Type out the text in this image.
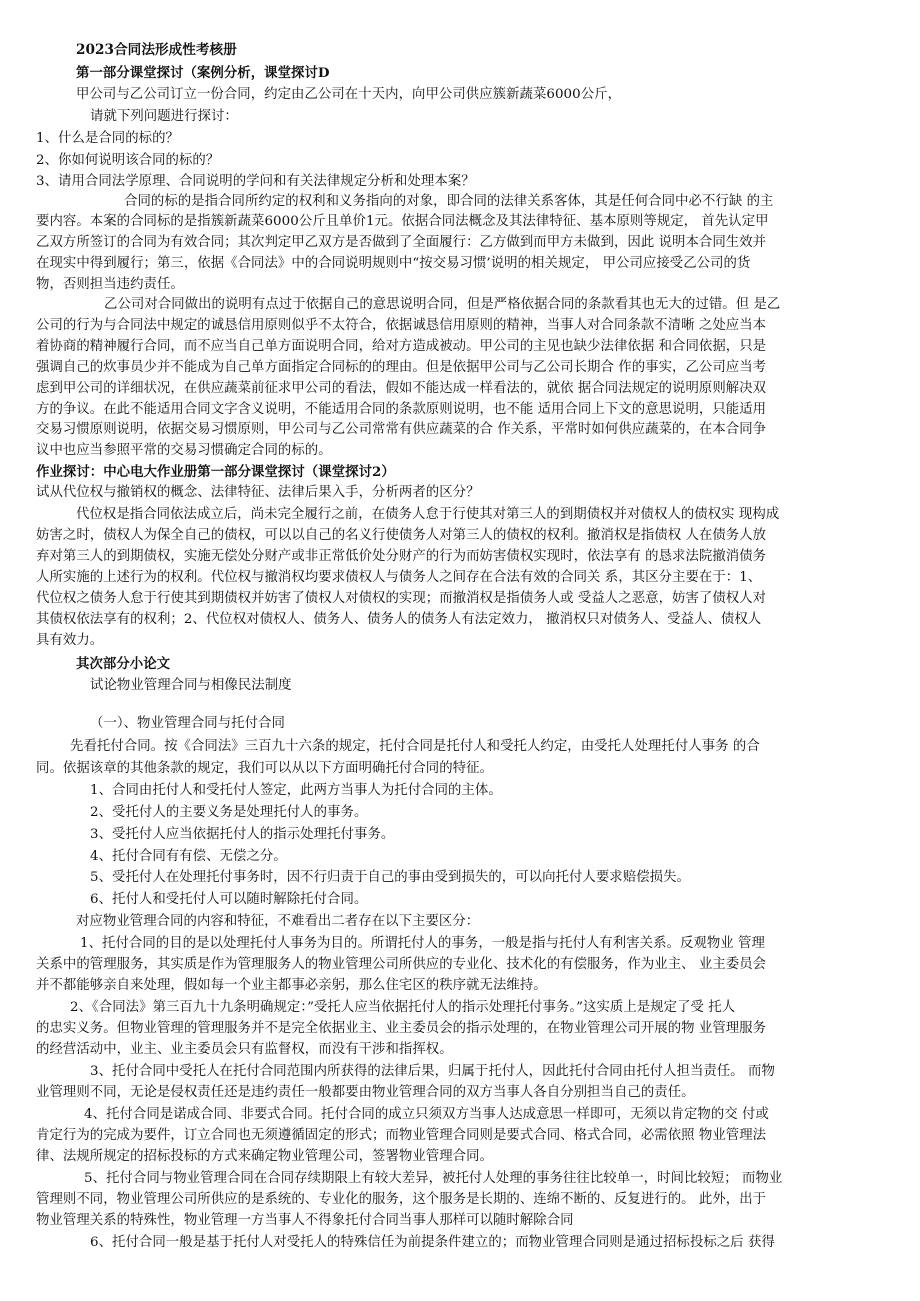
2023合同法形成性考核册
第一部分课堂探讨（案例分析，课堂探讨D
甲公司与乙公司订立一份合同，约定由乙公司在十天内，向甲公司供应簇新蔬菜6000公斤，
请就下列问题进行探讨：
1、什么是合同的标的？
2、你如何说明该合同的标的？
3、请用合同法学原理、合同说明的学问和有关法律规定分析和处理本案？
合同的标的是指合同所约定的权利和义务指向的对象，即合同的法律关系客体，其是任何合同中必不行缺 的主
要内容。本案的合同标的是指簇新蔬菜6000公斤且单价1元。依据合同法概念及其法律特征、基本原则等规定， 首先认定甲
乙双方所签订的合同为有效合同；其次判定甲乙双方是否做到了全面履行：乙方做到而甲方未做到，因此 说明本合同生效并
在现实中得到履行；第三，依据《合同法》中的合同说明规则中“按交易习惯’说明的相关规定， 甲公司应接受乙公司的货
物，否则担当违约责任。
乙公司对合同做出的说明有点过于依据自己的意思说明合同，但是严格依据合同的条款看其也无大的过错。但 是乙
公司的行为与合同法中规定的诚恳信用原则似乎不太符合，依据诚恳信用原则的精神，当事人对合同条款不清晰 之处应当本
着协商的精神履行合同，而不应当自己单方面说明合同，给对方造成被动。甲公司的主见也缺少法律依据 和合同依据，只是
强调自己的炊事员少并不能成为自己单方面指定合同标的的理由。但是依据甲公司与乙公司长期合 作的事实，乙公司应当考
虑到甲公司的详细状况，在供应蔬菜前征求甲公司的看法，假如不能达成一样看法的，就依 据合同法规定的说明原则解决双
方的争议。在此不能适用合同文字含义说明，不能适用合同的条款原则说明，也不能 适用合同上下文的意思说明，只能适用
交易习惯原则说明，依据交易习惯原则，甲公司与乙公司常常有供应蔬菜的合 作关系，平常时如何供应蔬菜的，在本合同争
议中也应当参照平常的交易习惯确定合同的标的。
作业探讨：中心电大作业册第一部分课堂探讨（课堂探讨2）
试从代位权与撤销权的概念、法律特征、法律后果入手，分析两者的区分？
代位权是指合同依法成立后，尚未完全履行之前，在债务人怠于行使其对第三人的到期债权并对债权人的债权实 现构成
妨害之时，债权人为保全自己的债权，可以以自己的名义行使债务人对第三人的债权的权利。撤消权是指债权 人在债务人放
弃对第三人的到期债权，实施无偿处分财产或非正常低价处分财产的行为而妨害债权实现时，依法享有 的恳求法院撤消债务
人所实施的上述行为的权利。代位权与撤消权均要求债权人与债务人之间存在合法有效的合同关 系，其区分主要在于：1、
代位权之债务人怠于行使其到期债权并妨害了债权人对债权的实现；而撤消权是指债务人或 受益人之恶意，妨害了债权人对
其债权依法享有的权利；2、代位权对债权人、债务人、债务人的债务人有法定效力， 撤消权只对债务人、受益人、债权人
具有效力。
其次部分小论文
试论物业管理合同与相像民法制度
（一）、物业管理合同与托付合同
先看托付合同。按《合同法》三百九十六条的规定，托付合同是托付人和受托人约定，由受托人处理托付人事务 的合
同。依据该章的其他条款的规定，我们可以从以下方面明确托付合同的特征。
1、合同由托付人和受托付人签定，此两方当事人为托付合同的主体。
2、受托付人的主要义务是处理托付人的事务。
3、受托付人应当依据托付人的指示处理托付事务。
4、托付合同有有偿、无偿之分。
5、受托付人在处理托付事务时，因不行归责于自己的事由受到损失的，可以向托付人要求赔偿损失。
6、托付人和受托付人可以随时解除托付合同。
对应物业管理合同的内容和特征，不难看出二者存在以下主要区分：
1、托付合同的目的是以处理托付人事务为目的。所谓托付人的事务，一般是指与托付人有利害关系。反观物业 管理
关系中的管理服务，其实质是作为管理服务人的物业管理公司所供应的专业化、技术化的有偿服务，作为业主、 业主委员会
并不都能够亲自来处理，假如每一个业主都事必亲躬，那么住宅区的秩序就无法维持。
2、《合同法》第三百九十九条明确规定：”受托人应当依据托付人的指示处理托付事务。”这实质上是规定了受 托人
的忠实义务。但物业管理的管理服务并不是完全依据业主、业主委员会的指示处理的，在物业管理公司开展的物 业管理服务
的经营活动中，业主、业主委员会只有监督权，而没有干涉和指挥权。
3、托付合同中受托人在托付合同范围内所获得的法律后果，归属于托付人，因此托付合同由托付人担当责任。 而物
业管理则不同，无论是侵权责任还是违约责任一般都要由物业管理合同的双方当事人各自分别担当自己的责任。
4、托付合同是诺成合同、非要式合同。托付合同的成立只须双方当事人达成意思一样即可，无须以肯定物的交 付或
肯定行为的完成为要件，订立合同也无须遵循固定的形式；而物业管理合同则是要式合同、格式合同，必需依照 物业管理法
律、法规所规定的招标投标的方式来确定物业管理公司，签署物业管理合同。
5、托付合同与物业管理合同在合同存续期限上有较大差异，被托付人处理的事务往往比较单一，时间比较短； 而物业
管理则不同，物业管理公司所供应的是系统的、专业化的服务，这个服务是长期的、连绵不断的、反复进行的。 此外，出于
物业管理关系的特殊性，物业管理一方当事人不得象托付合同当事人那样可以随时解除合同
6、托付合同一般是基于托付人对受托人的特殊信任为前提条件建立的；而物业管理合同则是通过招标投标之后 获得
